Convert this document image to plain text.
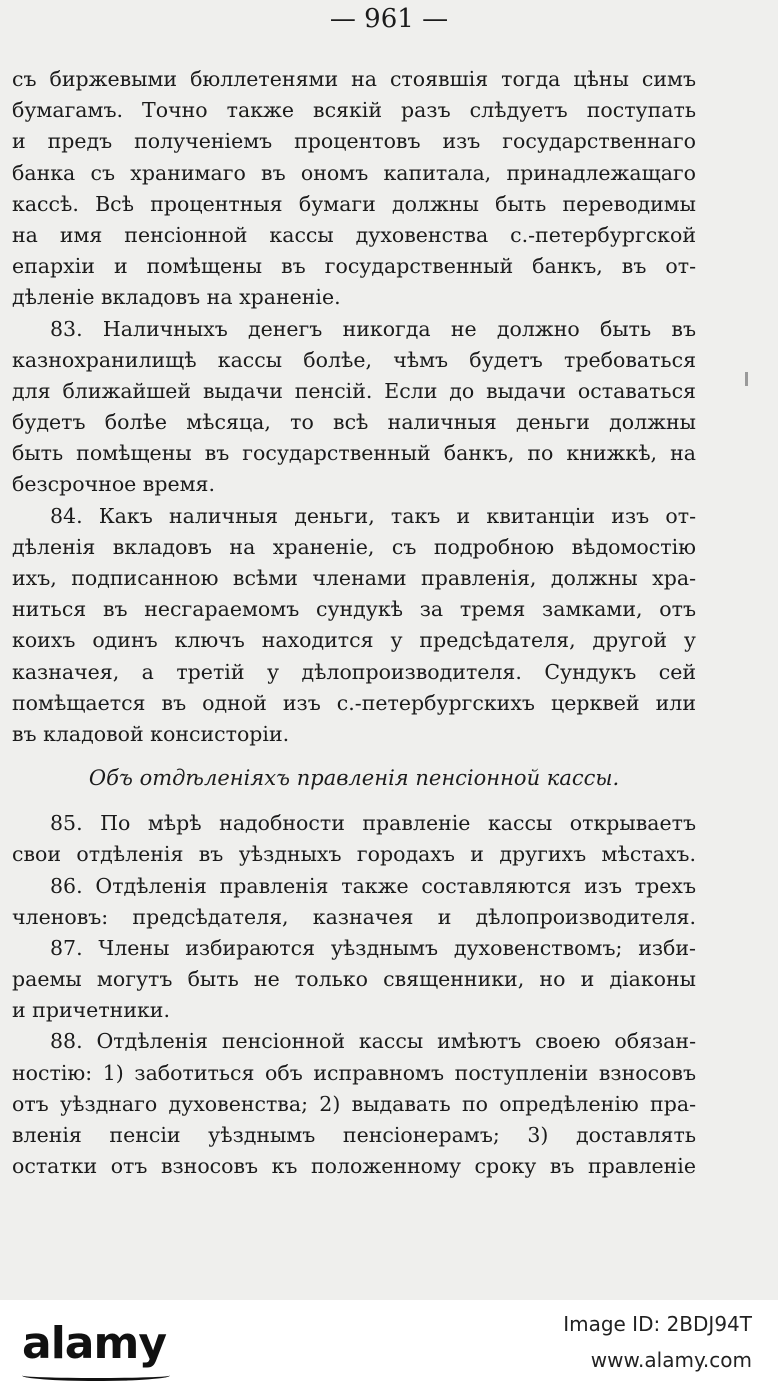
— 961 —
съ биржевыми бюллетенями на стоявшія тогда цѣны симъ
бумагамъ. Точно также всякій разъ слѣдуетъ поступать
и предъ полученіемъ процентовъ изъ государственнаго
банка съ хранимаго въ ономъ капитала, принадлежащаго
кассѣ. Всѣ процентныя бумаги должны быть переводимы
на имя пенсіонной кассы духовенства с.-петербургской
епархіи и помѣщены въ государственный банкъ, въ от-
дѣленіе вкладовъ на храненіе.
83. Наличныхъ денегъ никогда не должно быть въ
казнохранилищѣ кассы болѣе, чѣмъ будетъ требоваться
для ближайшей выдачи пенсій. Если до выдачи оставаться
будетъ болѣе мѣсяца, то всѣ наличныя деньги должны
быть помѣщены въ государственный банкъ, по книжкѣ, на
безсрочное время.
84. Какъ наличныя деньги, такъ и квитанціи изъ от-
дѣленія вкладовъ на храненіе, съ подробною вѣдомостію
ихъ, подписанною всѣми членами правленія, должны хра-
ниться въ несгараемомъ сундукѣ за тремя замками, отъ
коихъ одинъ ключъ находится у предсѣдателя, другой у
казначея, а третій у дѣлопроизводителя. Сундукъ сей
помѣщается въ одной изъ с.-петербургскихъ церквей или
въ кладовой консисторіи.
Объ отдѣленіяхъ правленія пенсіонной кассы.
85. По мѣрѣ надобности правленіе кассы открываетъ
свои отдѣленія въ уѣздныхъ городахъ и другихъ мѣстахъ.
86. Отдѣленія правленія также составляются изъ трехъ
членовъ: предсѣдателя, казначея и дѣлопроизводителя.
87. Члены избираются уѣзднымъ духовенствомъ; изби-
раемы могутъ быть не только священники, но и діаконы
и причетники.
88. Отдѣленія пенсіонной кассы имѣютъ своею обязан-
ностію: 1) заботиться объ исправномъ поступленіи взносовъ
отъ уѣзднаго духовенства; 2) выдавать по опредѣленію пра-
вленія пенсіи уѣзднымъ пенсіонерамъ; 3) доставлять
остатки отъ взносовъ къ положенному сроку въ правленіе
alamy	Image ID: 2BDJ94T
www.alamy.com
